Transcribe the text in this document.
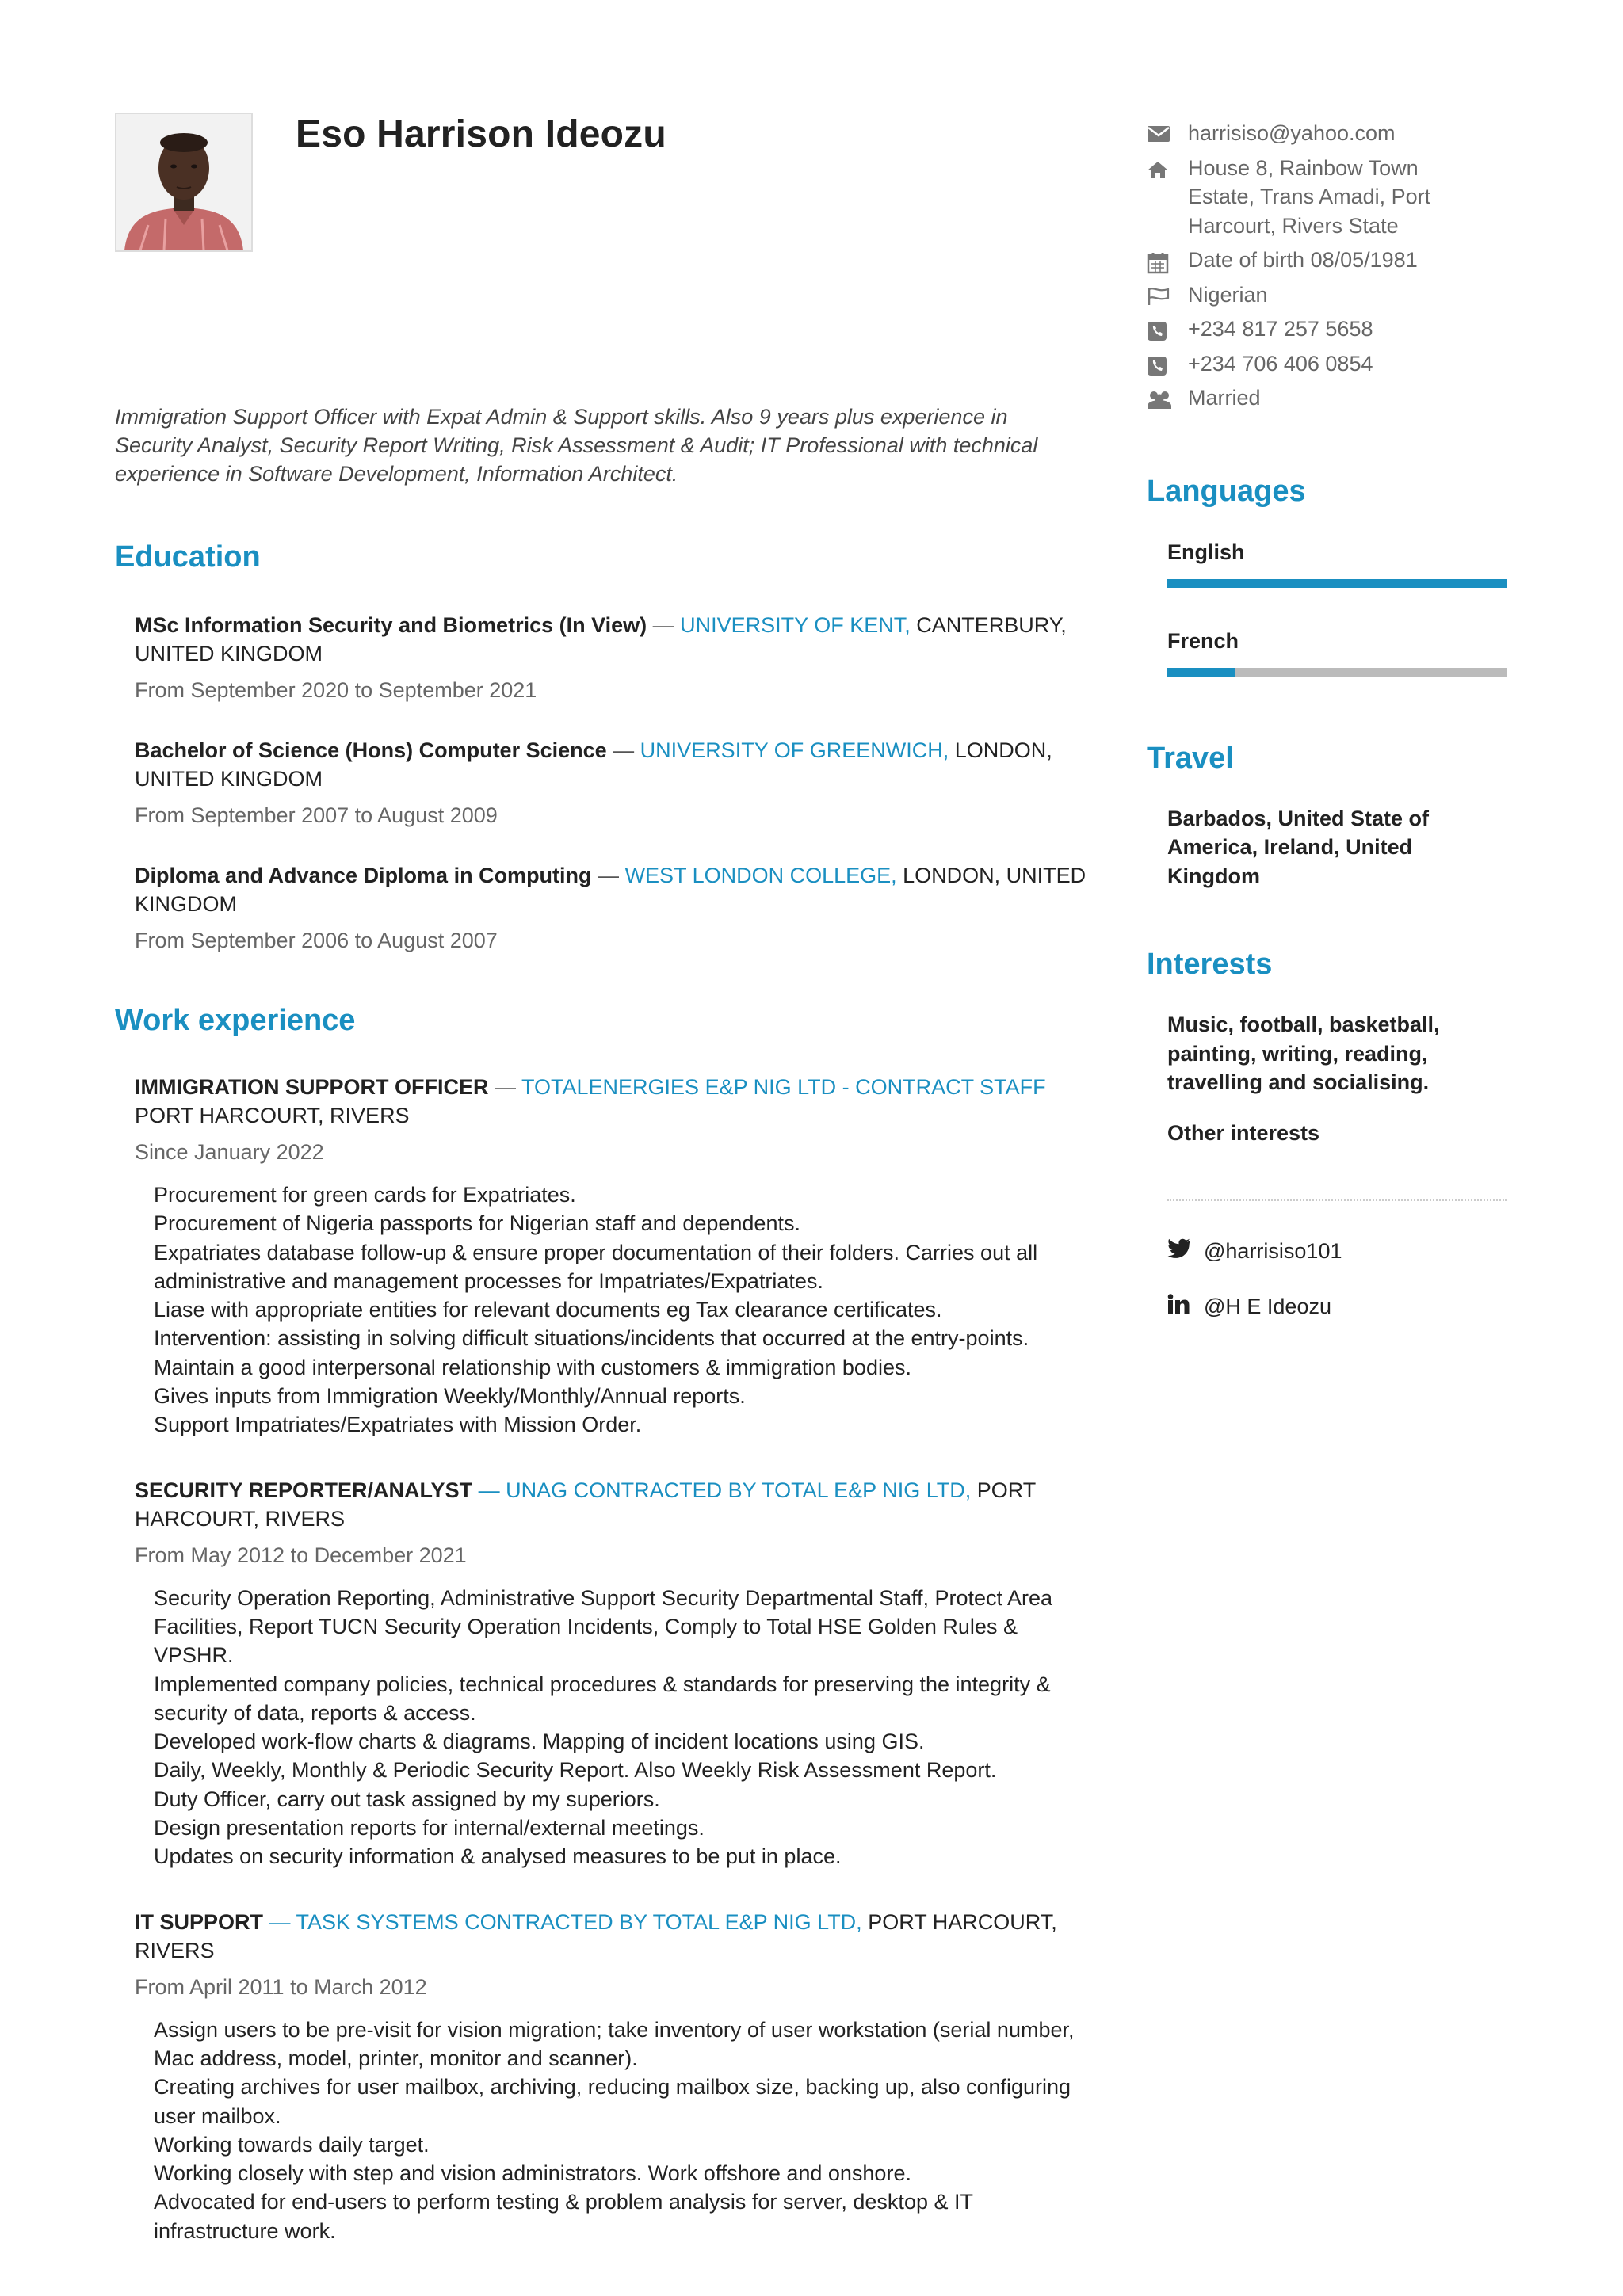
Eso Harrison Ideozu
Immigration Support Officer with Expat Admin & Support skills. Also 9 years plus experience in Security Analyst, Security Report Writing, Risk Assessment & Audit; IT Professional with technical experience in Software Development, Information Architect.
Education
MSc Information Security and Biometrics (In View) — UNIVERSITY OF KENT, CANTERBURY, UNITED KINGDOM
From September 2020 to September 2021
Bachelor of Science (Hons) Computer Science — UNIVERSITY OF GREENWICH, LONDON, UNITED KINGDOM
From September 2007 to August 2009
Diploma and Advance Diploma in Computing — WEST LONDON COLLEGE, LONDON, UNITED KINGDOM
From September 2006 to August 2007
Work experience
IMMIGRATION SUPPORT OFFICER — TOTALENERGIES E&P NIG LTD - CONTRACT STAFF
PORT HARCOURT, RIVERS
Since January 2022
Procurement for green cards for Expatriates.
Procurement of Nigeria passports for Nigerian staff and dependents.
Expatriates database follow-up & ensure proper documentation of their folders. Carries out all administrative and management processes for Impatriates/Expatriates.
Liase with appropriate entities for relevant documents eg Tax clearance certificates.
Intervention: assisting in solving difficult situations/incidents that occurred at the entry-points.
Maintain a good interpersonal relationship with customers & immigration bodies.
Gives inputs from Immigration Weekly/Monthly/Annual reports.
Support Impatriates/Expatriates with Mission Order.
SECURITY REPORTER/ANALYST — UNAG CONTRACTED BY TOTAL E&P NIG LTD, PORT HARCOURT, RIVERS
From May 2012 to December 2021
Security Operation Reporting, Administrative Support Security Departmental Staff, Protect Area Facilities, Report TUCN Security Operation Incidents, Comply to Total HSE Golden Rules & VPSHR.
Implemented company policies, technical procedures & standards for preserving the integrity & security of data, reports & access.
Developed work-flow charts & diagrams. Mapping of incident locations using GIS.
Daily, Weekly, Monthly & Periodic Security Report. Also Weekly Risk Assessment Report.
Duty Officer, carry out task assigned by my superiors.
Design presentation reports for internal/external meetings.
Updates on security information & analysed measures to be put in place.
IT SUPPORT — TASK SYSTEMS CONTRACTED BY TOTAL E&P NIG LTD, PORT HARCOURT, RIVERS
From April 2011 to March 2012
Assign users to be pre-visit for vision migration; take inventory of user workstation (serial number, Mac address, model, printer, monitor and scanner).
Creating archives for user mailbox, archiving, reducing mailbox size, backing up, also configuring user mailbox.
Working towards daily target.
Working closely with step and vision administrators. Work offshore and onshore.
Advocated for end-users to perform testing & problem analysis for server, desktop & IT infrastructure work.
harrisiso@yahoo.com
House 8, Rainbow Town Estate, Trans Amadi, Port Harcourt, Rivers State
Date of birth 08/05/1981
Nigerian
+234 817 257 5658
+234 706 406 0854
Married
Languages
English
French
Travel
Barbados, United State of America, Ireland, United Kingdom
Interests
Music, football, basketball, painting, writing, reading, travelling and socialising.
Other interests
@harrisiso101
@H E Ideozu
